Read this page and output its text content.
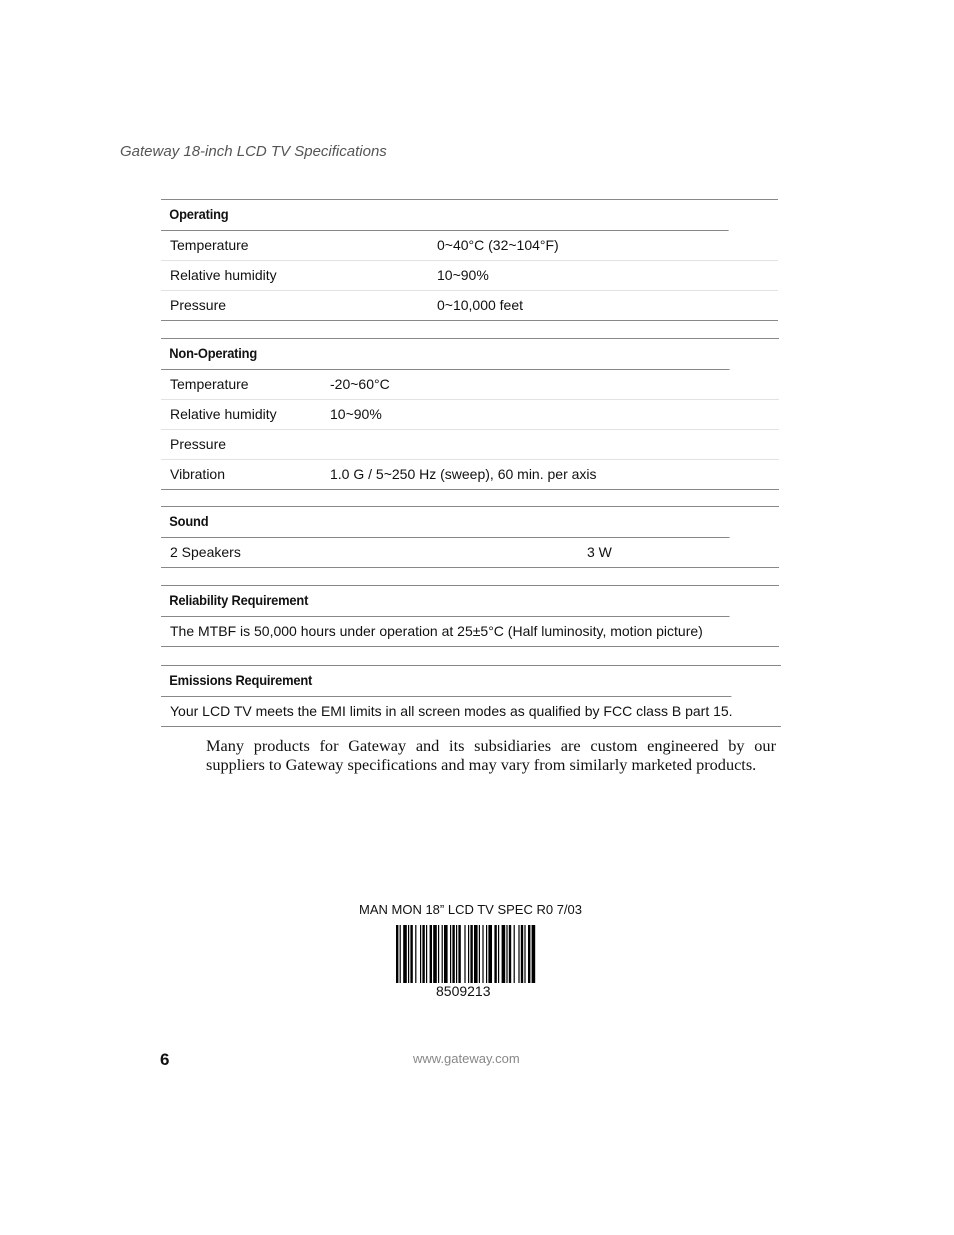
Gateway 18-inch LCD TV Specifications
Operating
Temperature	0~40°C (32~104°F)
Relative humidity	10~90%
Pressure	0~10,000 feet
Non-Operating
Temperature	-20~60°C
Relative humidity	10~90%
Pressure
Vibration	1.0 G / 5~250 Hz (sweep), 60 min. per axis
Sound
2 Speakers	3 W
Reliability Requirement
The MTBF is 50,000 hours under operation at 25±5°C (Half luminosity, motion picture)
Emissions Requirement
Your LCD TV meets the EMI limits in all screen modes as qualified by FCC class B part 15.

Many products for Gateway and its subsidiaries are custom engineered by our suppliers to Gateway specifications and may vary from similarly marketed products.

MAN MON 18” LCD TV SPEC R0 7/03
8509213
6	www.gateway.com
